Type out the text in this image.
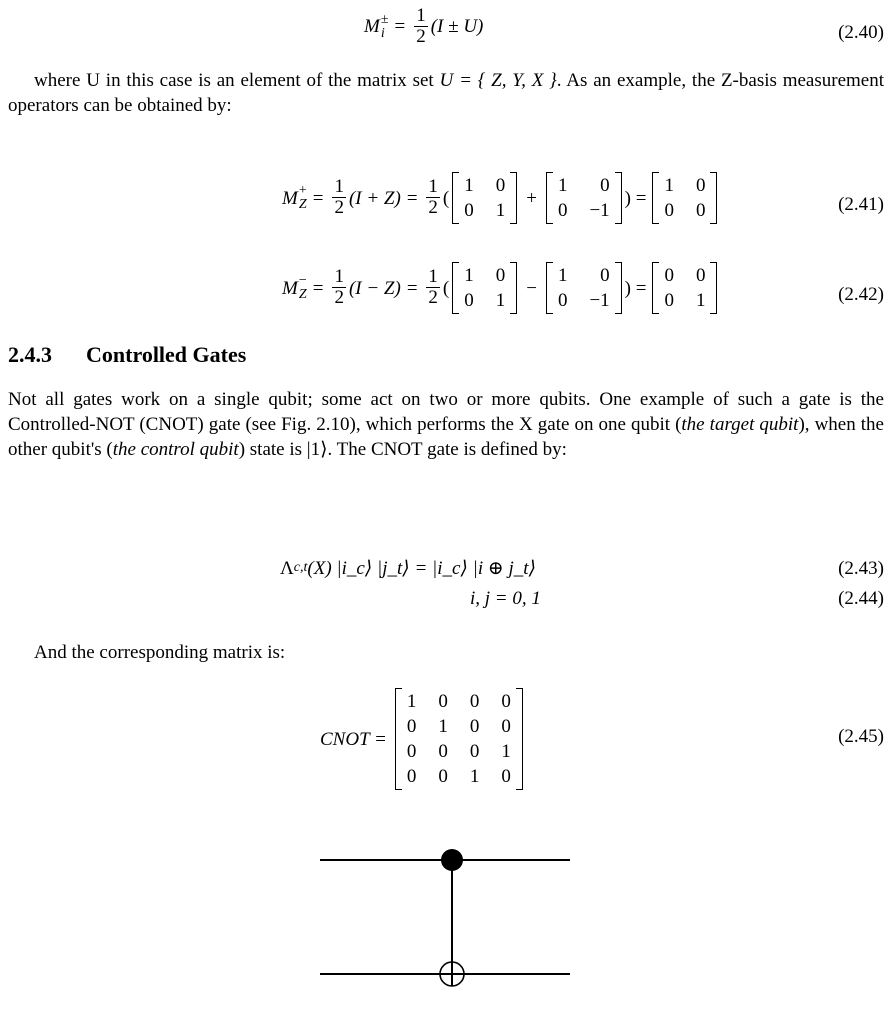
M ±
$i = \frac{1}{2} (I \pm U)$	(2.40)

where U in this case is an element of the matrix set U = { Z, Y, X }. As an example, the Z-basis measurement operators can be obtained by:

M +
$Z = \frac{1}{2} (I + Z) = \frac{1}{2}$ (
1 0
0 1
+
1	0
0 −1
) =
1 0
0 0	(2.41)
M −
$Z = \frac{1}{2} (I - Z) = \frac{1}{2}$ (
1 0
0 1
−
1	0
0 −1
) =
0 0
0 1	(2.42)
2.4.3 Controlled Gates

Not all gates work on a single qubit; some act on two or more qubits. One example of such a gate is the Controlled-NOT (CNOT) gate (see Fig. 2.10), which performs the X gate on one qubit (the target qubit), when the other qubit's (the control qubit) state is |1⟩. The CNOT gate is defined by:

Λ c,t (X) |i_c⟩ |j_t⟩ = |i_c⟩ |i ⊕ j_t⟩	(2.43)
i, j = 0, 1	(2.44)

And the corresponding matrix is:

CNOT =
1 0 0 0
0 1 0 0
0 0 0 1
0 0 1 0
(2.45)
